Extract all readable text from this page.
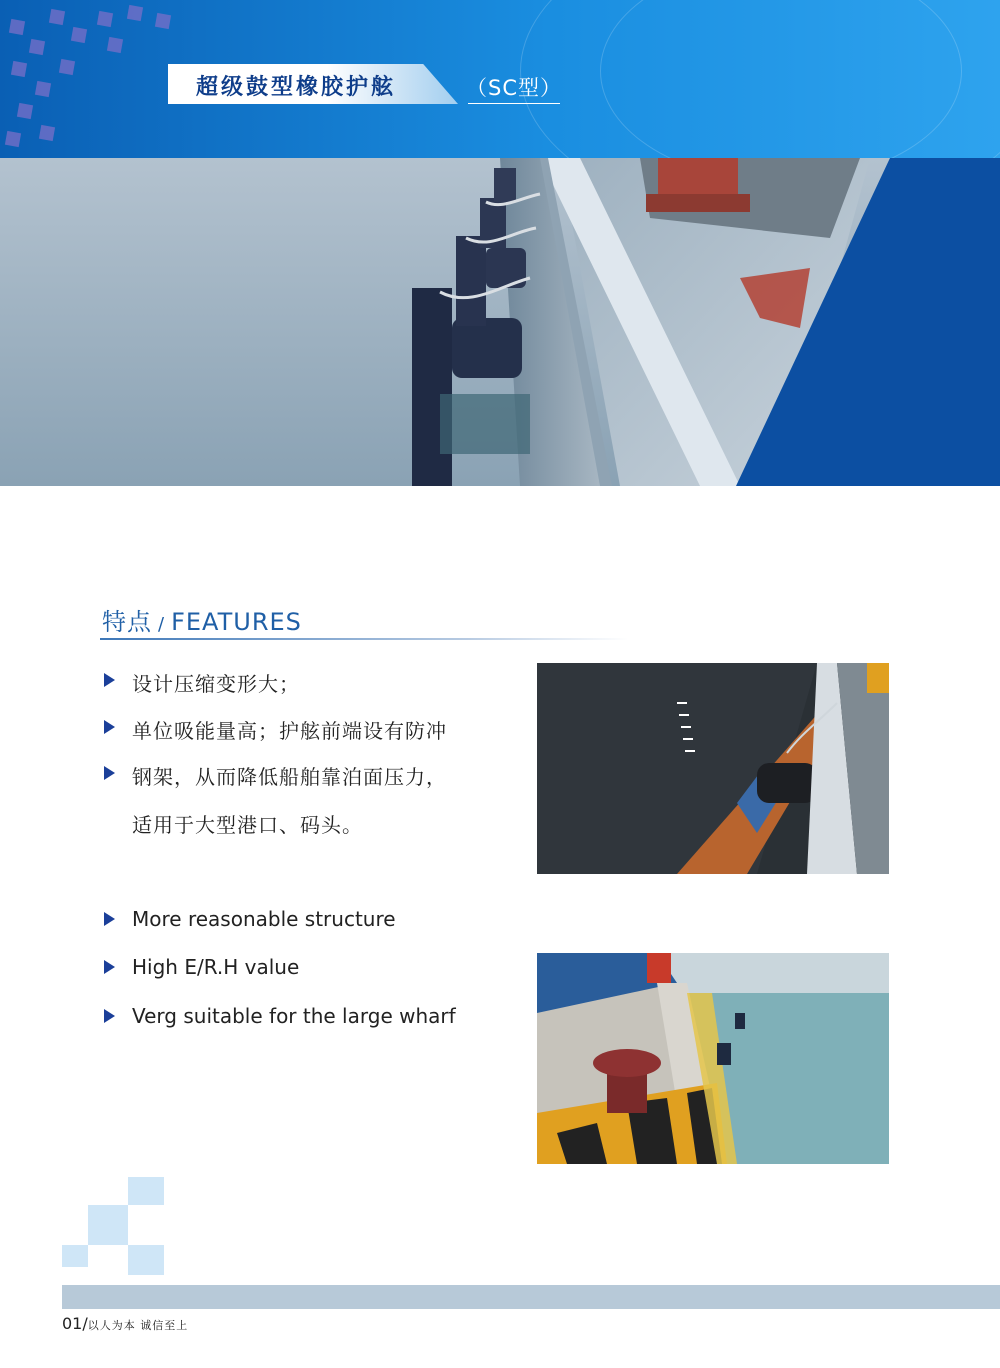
超级鼓型橡胶护舷	（SC型）
特点 / FEATURES
设计压缩变形大；
单位吸能量高；护舷前端设有防冲
钢架，从而降低船舶靠泊面压力，
适用于大型港口、码头。
More reasonable structure
High E/R.H value
Verg suitable for the large wharf
01/以人为本 诚信至上
